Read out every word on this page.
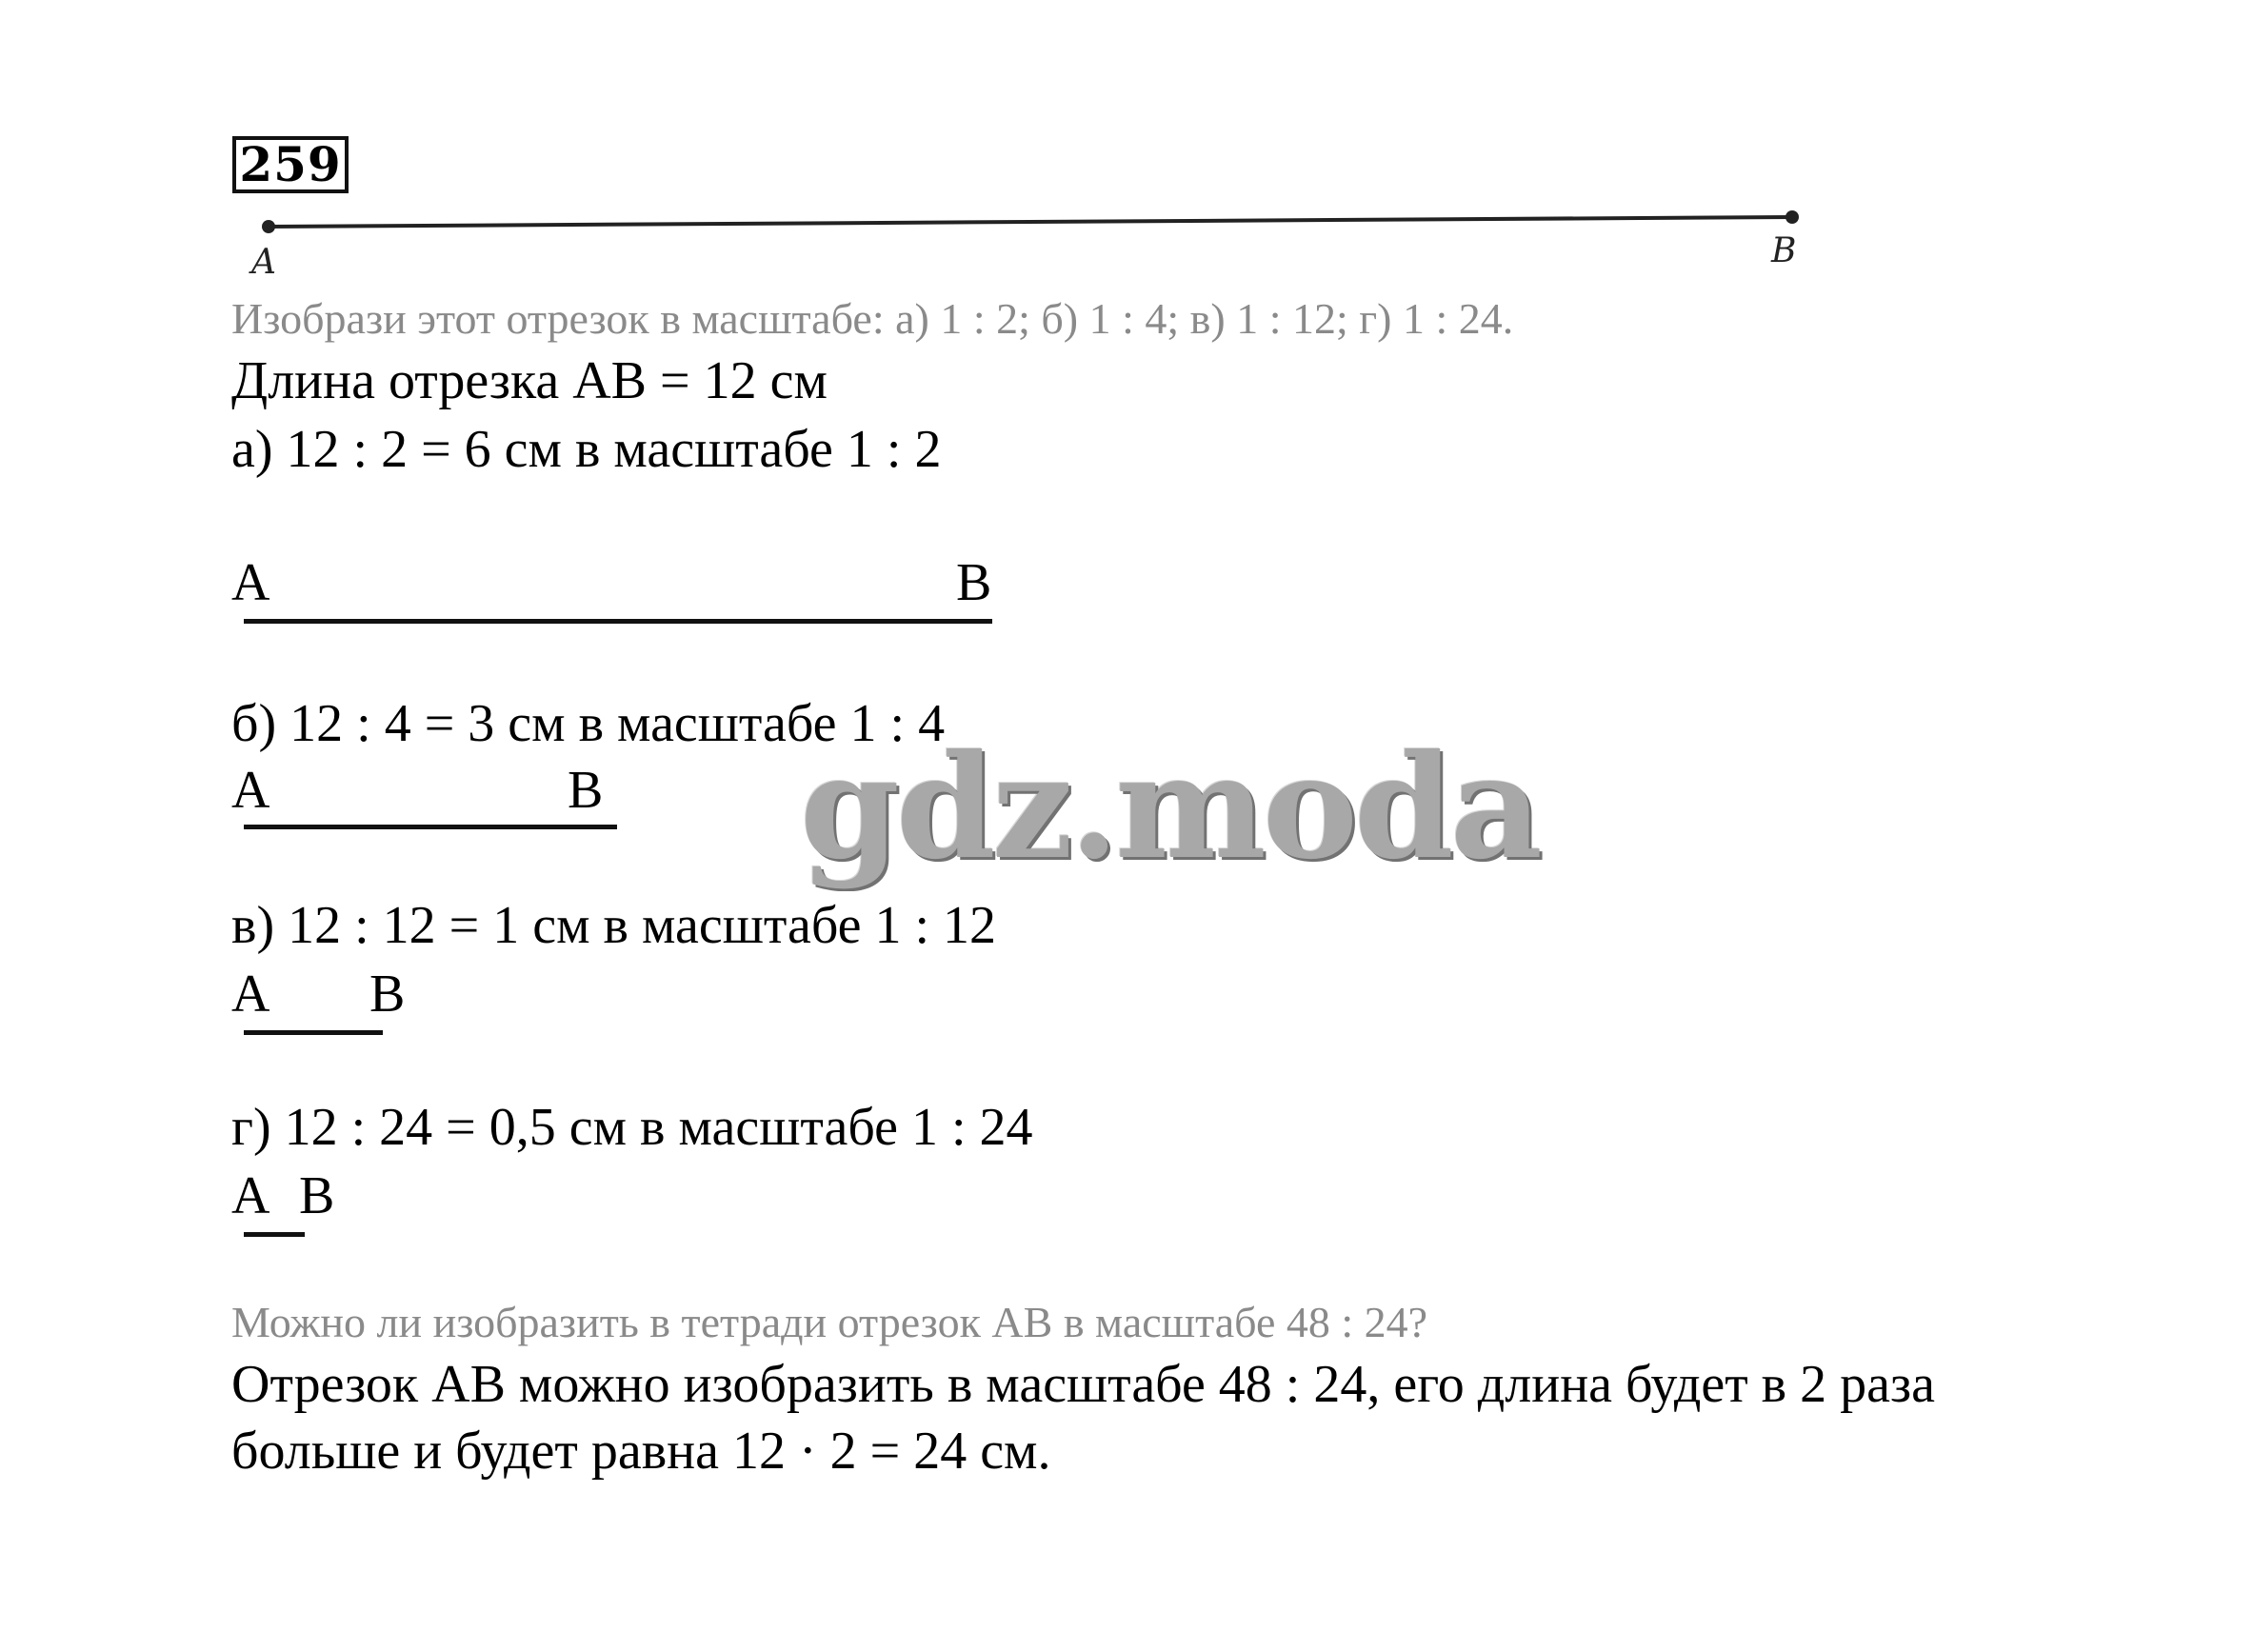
259
A	B
Изобрази этот отрезок в масштабе: а) 1 : 2; б) 1 : 4; в) 1 : 12; г) 1 : 24.
Длина отрезка AB = 12 см
а) 12 : 2 = 6 см в масштабе 1 : 2
A	B
б) 12 : 4 = 3 см в масштабе 1 : 4
A	B
в) 12 : 12 = 1 см в масштабе 1 : 12
A B
г) 12 : 24 = 0,5 см в масштабе 1 : 24
A B
Можно ли изобразить в тетради отрезок AB в масштабе 48 : 24?
Отрезок AB можно изобразить в масштабе 48 : 24, его длина будет в 2 раза
больше и будет равна 12 · 2 = 24 см.
gdz.moda
